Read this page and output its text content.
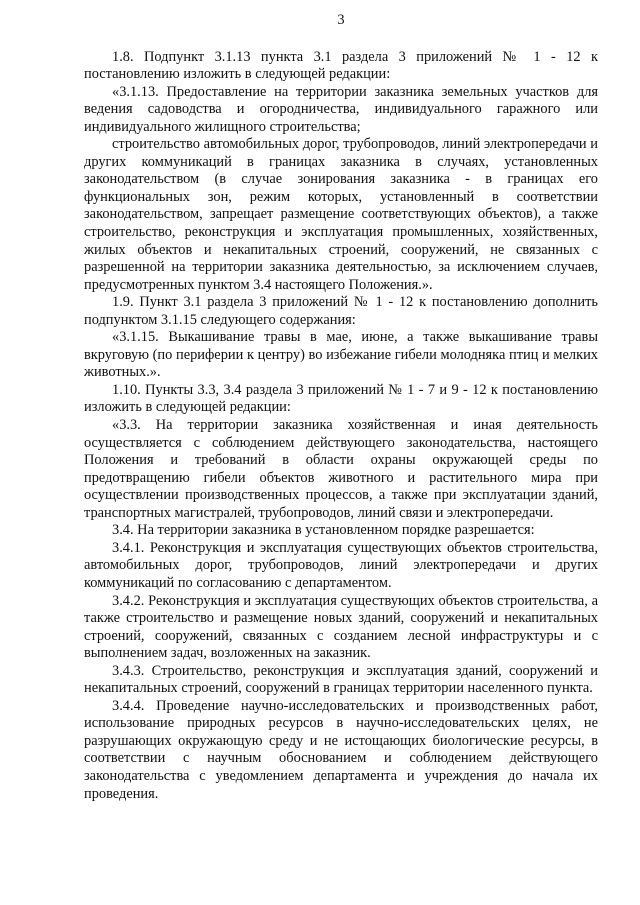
3

1.8. Подпункт 3.1.13 пункта 3.1 раздела 3 приложений № 1 - 12 к постановлению изложить в следующей редакции:

«3.1.13. Предоставление на территории заказника земельных участков для ведения садоводства и огородничества, индивидуального гаражного или индивидуального жилищного строительства;

строительство автомобильных дорог, трубопроводов, линий электропередачи и других коммуникаций в границах заказника в случаях, установленных законодательством (в случае зонирования заказника - в границах его функциональных зон, режим которых, установленный в соответствии законодательством, запрещает размещение соответствующих объектов), а также строительство, реконструкция и эксплуатация промышленных, хозяйственных, жилых объектов и некапитальных строений, сооружений, не связанных с разрешенной на территории заказника деятельностью, за исключением случаев, предусмотренных пунктом 3.4 настоящего Положения.».

1.9. Пункт 3.1 раздела 3 приложений № 1 - 12 к постановлению дополнить подпунктом 3.1.15 следующего содержания:

«3.1.15. Выкашивание травы в мае, июне, а также выкашивание травы вкруговую (по периферии к центру) во избежание гибели молодняка птиц и мелких животных.».

1.10. Пункты 3.3, 3.4 раздела 3 приложений № 1 - 7 и 9 - 12 к постановлению изложить в следующей редакции:

«3.3. На территории заказника хозяйственная и иная деятельность осуществляется с соблюдением действующего законодательства, настоящего Положения и требований в области охраны окружающей среды по предотвращению гибели объектов животного и растительного мира при осуществлении производственных процессов, а также при эксплуатации зданий, транспортных магистралей, трубопроводов, линий связи и электропередачи.

3.4. На территории заказника в установленном порядке разрешается:

3.4.1. Реконструкция и эксплуатация существующих объектов строительства, автомобильных дорог, трубопроводов, линий электропередачи и других коммуникаций по согласованию с департаментом.

3.4.2. Реконструкция и эксплуатация существующих объектов строительства, а также строительство и размещение новых зданий, сооружений и некапитальных строений, сооружений, связанных с созданием лесной инфраструктуры и с выполнением задач, возложенных на заказник.

3.4.3. Строительство, реконструкция и эксплуатация зданий, сооружений и некапитальных строений, сооружений в границах территории населенного пункта.

3.4.4. Проведение научно-исследовательских и производственных работ, использование природных ресурсов в научно-исследовательских целях, не разрушающих окружающую среду и не истощающих биологические ресурсы, в соответствии с научным обоснованием и соблюдением действующего законодательства с уведомлением департамента и учреждения до начала их проведения.
